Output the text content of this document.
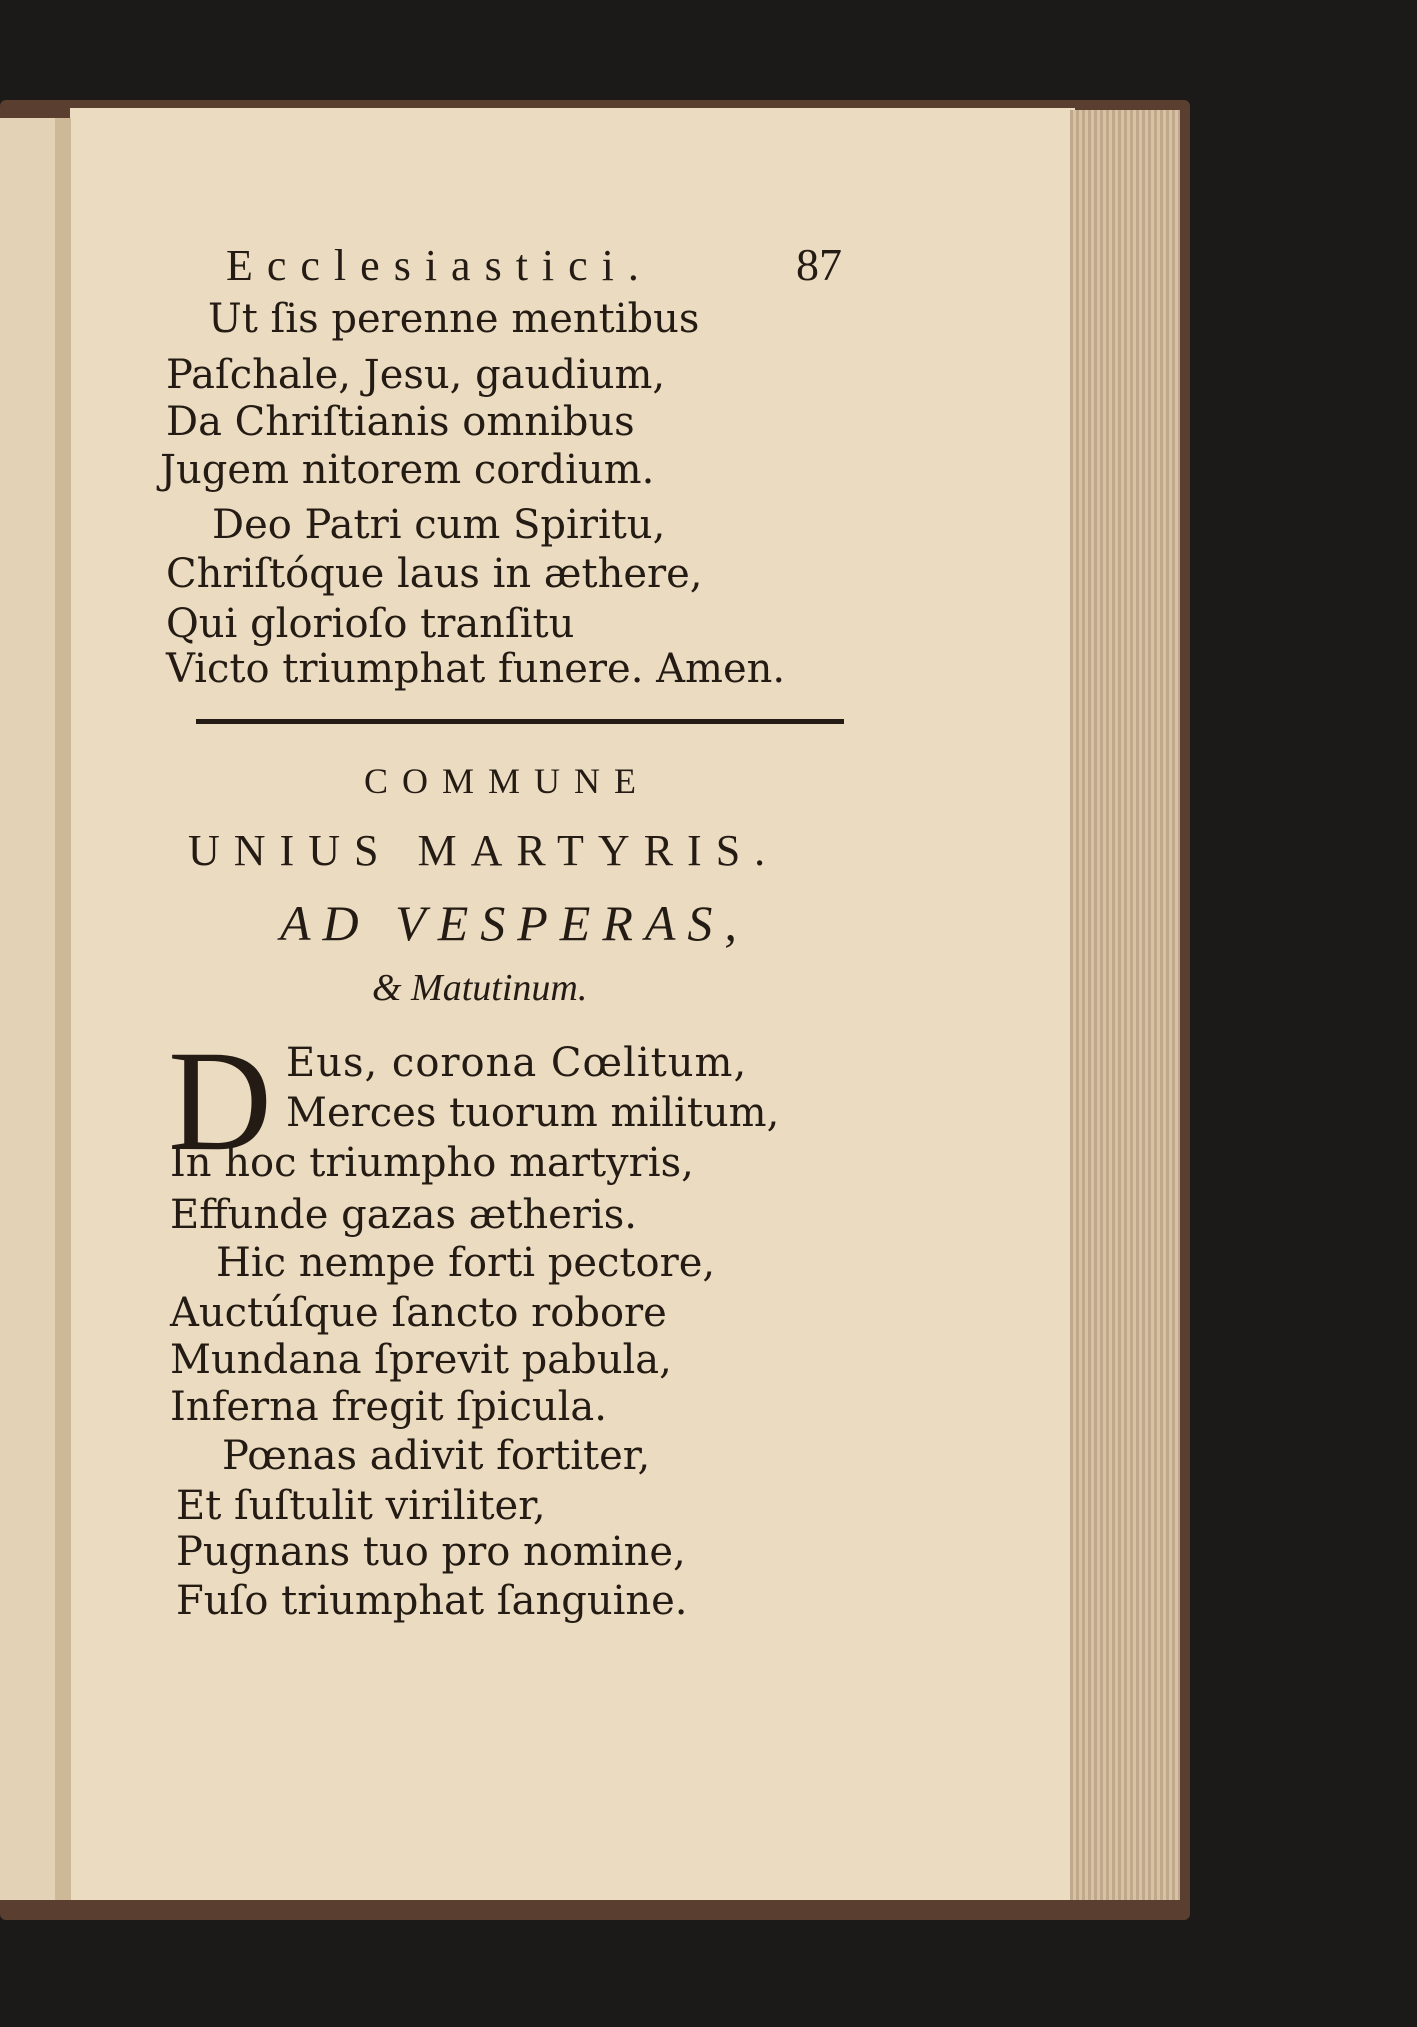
Ecclesiastici.	87
Ut ſis perenne mentibus
Paſchale, Jesu, gaudium,
Da Chriſtianis omnibus
Jugem nitorem cordium.
Deo Patri cum Spiritu,
Chriſtóque laus in æthere,
Qui glorioſo tranſitu
Victo triumphat funere. Amen.
COMMUNE
UNIUS MARTYRIS.
AD VESPERAS,
& Matutinum.
D Eus, corona Cœlitum,
Merces tuorum militum,
In hoc triumpho martyris,
Effunde gazas ætheris.
Hic nempe forti pectore,
Auctúſque ſancto robore
Mundana ſprevit pabula,
Inferna fregit ſpicula.
Pœnas adivit fortiter,
Et ſuſtulit viriliter,
Pugnans tuo pro nomine,
Fuſo triumphat ſanguine.
